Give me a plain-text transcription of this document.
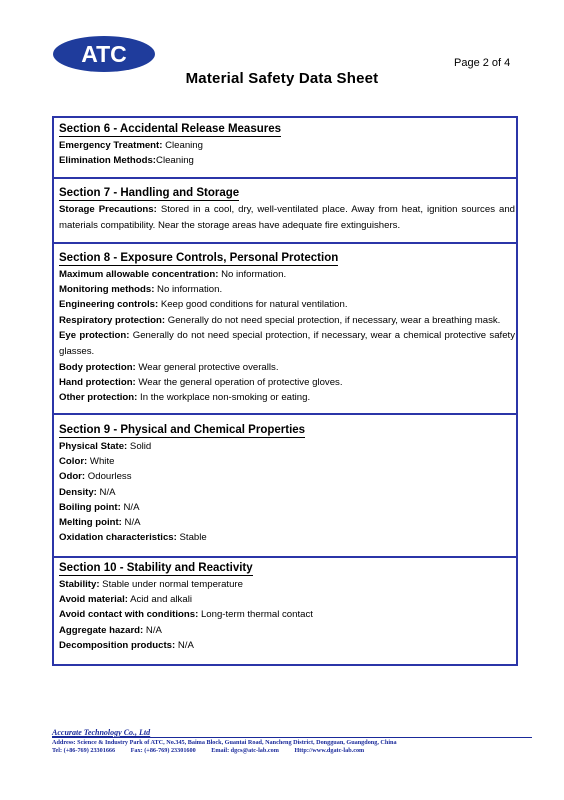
ATC	Page 2 of 4
Material Safety Data Sheet
Section 6 - Accidental Release Measures
Emergency Treatment: Cleaning
Elimination Methods:Cleaning
Section 7 - Handling and Storage
Storage Precautions: Stored in a cool, dry, well-ventilated place. Away from heat, ignition sources and materials compatibility. Near the storage areas have adequate fire extinguishers.
Section 8 - Exposure Controls, Personal Protection
Maximum allowable concentration: No information.
Monitoring methods: No information.
Engineering controls: Keep good conditions for natural ventilation.
Respiratory protection: Generally do not need special protection, if necessary, wear a breathing mask.
Eye protection: Generally do not need special protection, if necessary, wear a chemical protective safety glasses.
Body protection: Wear general protective overalls.
Hand protection: Wear the general operation of protective gloves.
Other protection: In the workplace non-smoking or eating.
Section 9 - Physical and Chemical Properties
Physical State: Solid
Color: White
Odor: Odourless
Density: N/A
Boiling point: N/A
Melting point: N/A
Oxidation characteristics: Stable
Section 10 - Stability and Reactivity
Stability: Stable under normal temperature
Avoid material: Acid and alkali
Avoid contact with conditions: Long-term thermal contact
Aggregate hazard: N/A
Decomposition products: N/A
Accurate Technology Co., Ltd
Address: Science & Industry Park of ATC, No.345, Baima Block, Guantai Road, Nancheng District, Dongguan, Guangdong, China
Tel: (+86-769) 23301666	Fax: (+86-769) 23301600	Email: dgcs@atc-lab.com	Http://www.dgatc-lab.com
